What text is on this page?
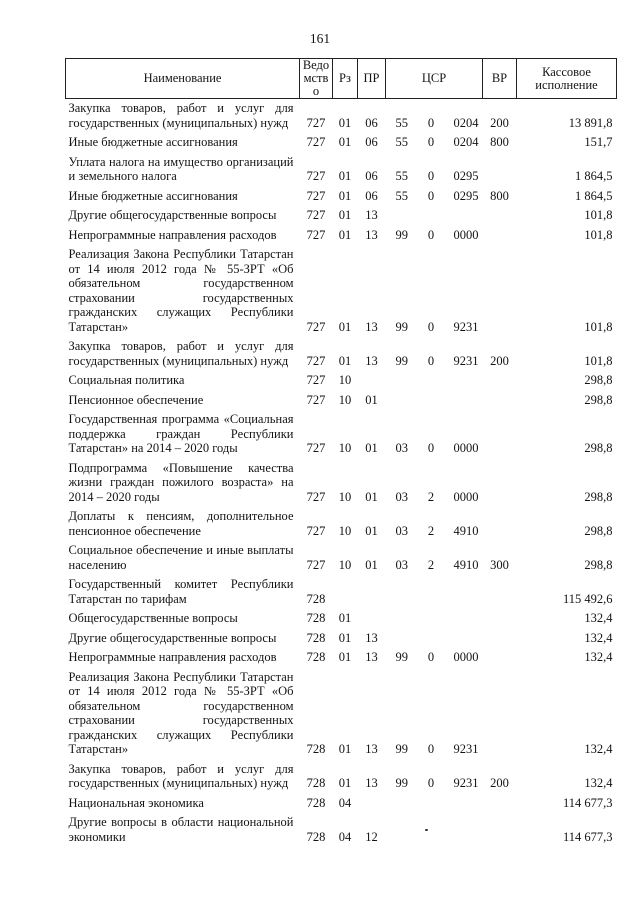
161
Наименование	Ведомство	Рз	ПР	ЦСР	ВР	Кассовое исполнение
Закупка товаров, работ и услуг для государственных (муниципальных) нужд	727	01	06	55 0 0204	200	13 891,8
Иные бюджетные ассигнования	727	01	06	55 0 0204	800	151,7
Уплата налога на имущество организаций и земельного налога	727	01	06	55 0 0295		1 864,5
Иные бюджетные ассигнования	727	01	06	55 0 0295	800	1 864,5
Другие общегосударственные вопросы	727	01	13			101,8
Непрограммные направления расходов	727	01	13	99 0 0000		101,8
Реализация Закона Республики Татарстан от 14 июля 2012 года № 55-ЗРТ «Об обязательном государственном страховании государственных гражданских служащих Республики Татарстан»	727	01	13	99 0 9231		101,8
Закупка товаров, работ и услуг для государственных (муниципальных) нужд	727	01	13	99 0 9231	200	101,8
Социальная политика	727	10				298,8
Пенсионное обеспечение	727	10	01			298,8
Государственная программа «Социальная поддержка граждан Республики Татарстан» на 2014 – 2020 годы	727	10	01	03 0 0000		298,8
Подпрограмма «Повышение качества жизни граждан пожилого возраста» на 2014 – 2020 годы	727	10	01	03 2 0000		298,8
Доплаты к пенсиям, дополнительное пенсионное обеспечение	727	10	01	03 2 4910		298,8
Социальное обеспечение и иные выплаты населению	727	10	01	03 2 4910	300	298,8
Государственный комитет Республики Татарстан по тарифам	728					115 492,6
Общегосударственные вопросы	728	01				132,4
Другие общегосударственные вопросы	728	01	13			132,4
Непрограммные направления расходов	728	01	13	99 0 0000		132,4
Реализация Закона Республики Татарстан от 14 июля 2012 года № 55-ЗРТ «Об обязательном государственном страховании государственных гражданских служащих Республики Татарстан»	728	01	13	99 0 9231		132,4
Закупка товаров, работ и услуг для государственных (муниципальных) нужд	728	01	13	99 0 9231	200	132,4
Национальная экономика	728	04				114 677,3
Другие вопросы в области национальной экономики	728	04	12			114 677,3
